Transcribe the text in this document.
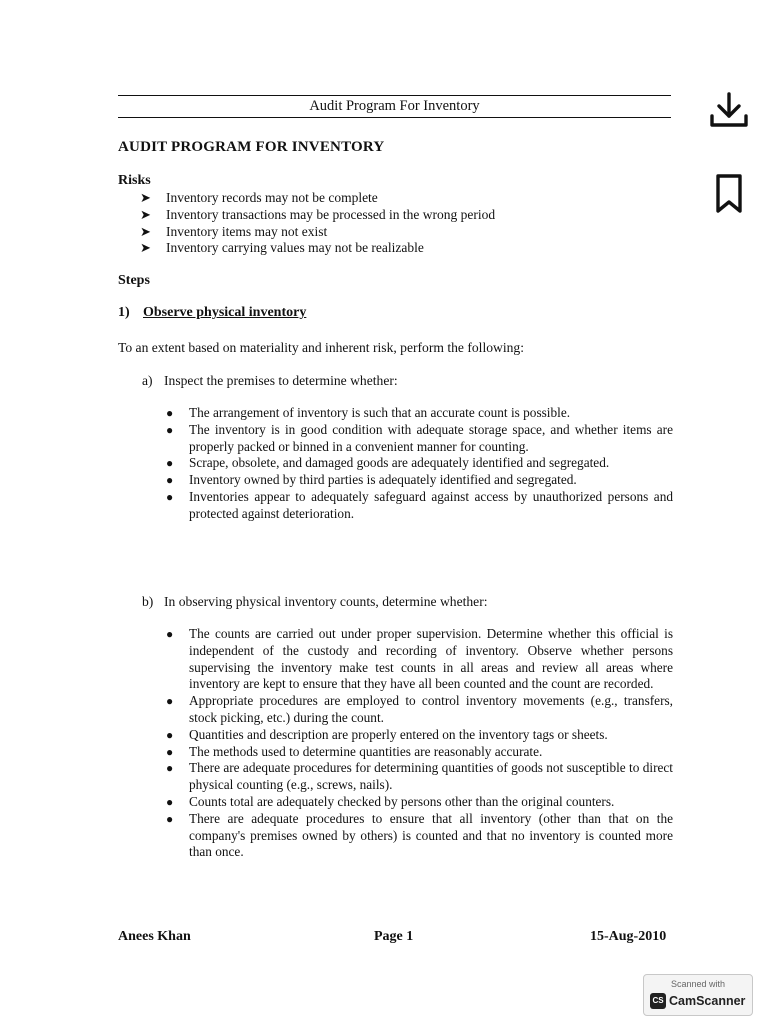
Audit Program For Inventory
AUDIT PROGRAM FOR INVENTORY
Risks
➤ Inventory records may not be complete
➤ Inventory transactions may be processed in the wrong period
➤ Inventory items may not exist
➤ Inventory carrying values may not be realizable
Steps
1) Observe physical inventory
To an extent based on materiality and inherent risk, perform the following:
a) Inspect the premises to determine whether:
● The arrangement of inventory is such that an accurate count is possible.
● The inventory is in good condition with adequate storage space, and whether items are properly packed or binned in a convenient manner for counting.
● Scrape, obsolete, and damaged goods are adequately identified and segregated.
● Inventory owned by third parties is adequately identified and segregated.
● Inventories appear to adequately safeguard against access by unauthorized persons and protected against deterioration.
b) In observing physical inventory counts, determine whether:
● The counts are carried out under proper supervision. Determine whether this official is independent of the custody and recording of inventory. Observe whether persons supervising the inventory make test counts in all areas and review all areas where inventory are kept to ensure that they have all been counted and the count are recorded.
● Appropriate procedures are employed to control inventory movements (e.g., transfers, stock picking, etc.) during the count.
● Quantities and description are properly entered on the inventory tags or sheets.
● The methods used to determine quantities are reasonably accurate.
● There are adequate procedures for determining quantities of goods not susceptible to direct physical counting (e.g., screws, nails).
● Counts total are adequately checked by persons other than the original counters.
● There are adequate procedures to ensure that all inventory (other than that on the company's premises owned by others) is counted and that no inventory is counted more than once.
Anees Khan	Page 1	15-Aug-2010
Scanned with
CS CamScanner
